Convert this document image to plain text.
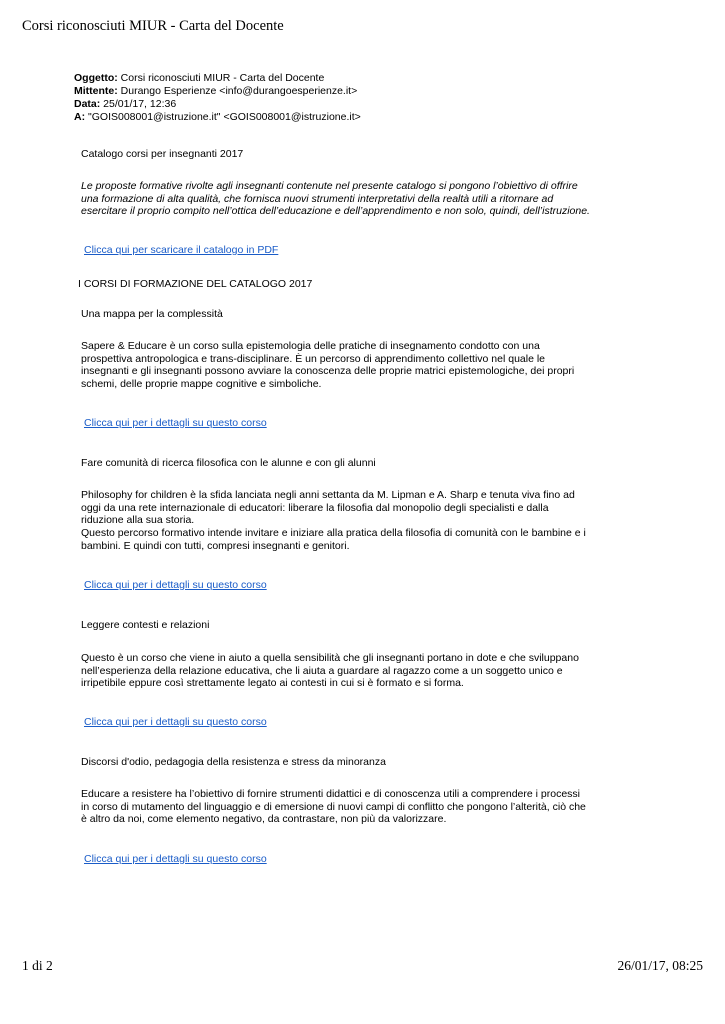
Corsi riconosciuti MIUR - Carta del Docente
Oggetto: Corsi riconosciuti MIUR - Carta del Docente
Mittente: Durango Esperienze <info@durangoesperienze.it>
Data: 25/01/17, 12:36
A: "GOIS008001@istruzione.it" <GOIS008001@istruzione.it>
Catalogo corsi per insegnanti 2017
Le proposte formative rivolte agli insegnanti contenute nel presente catalogo si pongono l’obiettivo di offrire una formazione di alta qualità, che fornisca nuovi strumenti interpretativi della realtà utili a ritornare ad esercitare il proprio compito nell’ottica dell’educazione e dell’apprendimento e non solo, quindi, dell’istruzione.
Clicca qui per scaricare il catalogo in PDF
I CORSI DI FORMAZIONE DEL CATALOGO 2017
Una mappa per la complessità
Sapere & Educare è un corso sulla epistemologia delle pratiche di insegnamento condotto con una prospettiva antropologica e trans-disciplinare. È un percorso di apprendimento collettivo nel quale le insegnanti e gli insegnanti possono avviare la conoscenza delle proprie matrici epistemologiche, dei propri schemi, delle proprie mappe cognitive e simboliche.
Clicca qui per i dettagli su questo corso
Fare comunità di ricerca filosofica con le alunne e con gli alunni
Philosophy for children è la sfida lanciata negli anni settanta da M. Lipman e A. Sharp e tenuta viva fino ad oggi da una rete internazionale di educatori: liberare la filosofia dal monopolio degli specialisti e dalla riduzione alla sua storia.
Questo percorso formativo intende invitare e iniziare alla pratica della filosofia di comunità con le bambine e i bambini. E quindi con tutti, compresi insegnanti e genitori.
Clicca qui per i dettagli su questo corso
Leggere contesti e relazioni
Questo è un corso che viene in aiuto a quella sensibilità che gli insegnanti portano in dote e che sviluppano nell’esperienza della relazione educativa, che li aiuta a guardare al ragazzo come a un soggetto unico e irripetibile eppure così strettamente legato ai contesti in cui si è formato e si forma.
Clicca qui per i dettagli su questo corso
Discorsi d'odio, pedagogia della resistenza e stress da minoranza
Educare a resistere ha l’obiettivo di fornire strumenti didattici e di conoscenza utili a comprendere i processi in corso di mutamento del linguaggio e di emersione di nuovi campi di conflitto che pongono l’alterità, ciò che è altro da noi, come elemento negativo, da contrastare, non più da valorizzare.
Clicca qui per i dettagli su questo corso
1 di 2	26/01/17, 08:25
